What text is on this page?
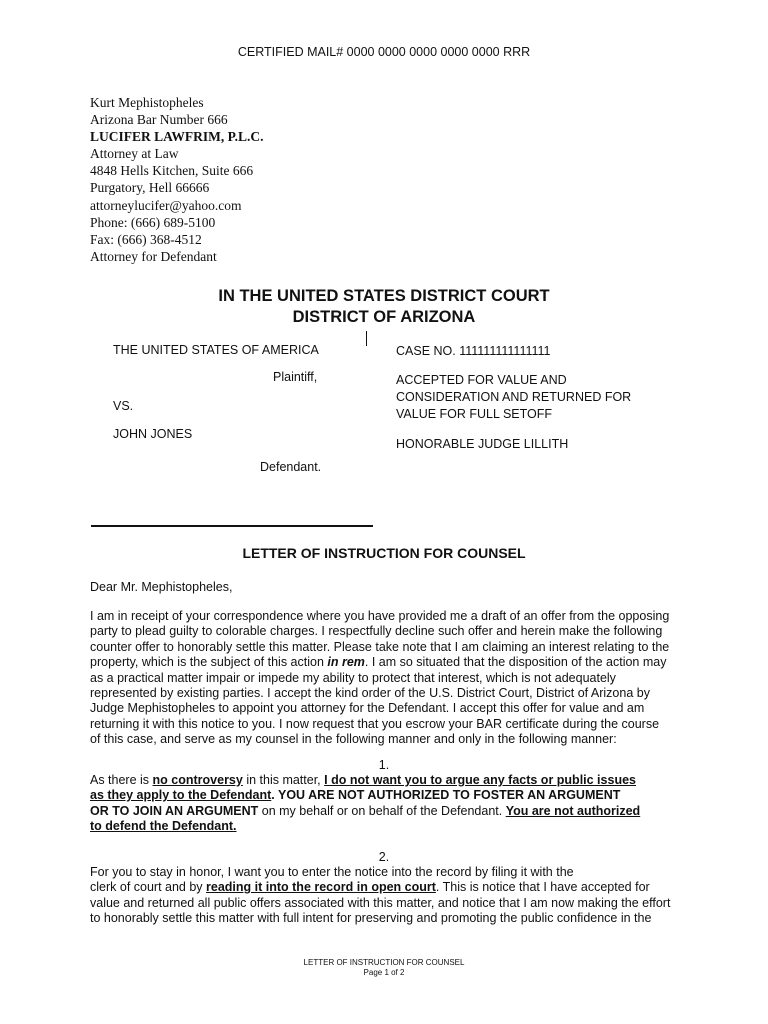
CERTIFIED MAIL# 0000 0000 0000 0000 0000 RRR
Kurt Mephistopheles
Arizona Bar Number 666
LUCIFER LAWFRIM, P.L.C.
Attorney at Law
4848 Hells Kitchen, Suite 666
Purgatory, Hell 66666
attorneylucifer@yahoo.com
Phone: (666) 689-5100
Fax: (666) 368-4512
Attorney for Defendant
IN THE UNITED STATES DISTRICT COURT
DISTRICT OF ARIZONA
THE UNITED STATES OF AMERICA
Plaintiff,
VS.
JOHN JONES
Defendant.
CASE NO. 111111111111111
ACCEPTED FOR VALUE AND
CONSIDERATION AND RETURNED FOR
VALUE FOR FULL SETOFF
HONORABLE JUDGE LILLITH
LETTER OF INSTRUCTION FOR COUNSEL
Dear Mr. Mephistopheles,
I am in receipt of your correspondence where you have provided me a draft of an offer from the opposing
party to plead guilty to colorable charges. I respectfully decline such offer and herein make the following
counter offer to honorably settle this matter. Please take note that I am claiming an interest relating to the
property, which is the subject of this action in rem. I am so situated that the disposition of the action may
as a practical matter impair or impede my ability to protect that interest, which is not adequately
represented by existing parties. I accept the kind order of the U.S. District Court, District of Arizona by
Judge Mephistopheles to appoint you attorney for the Defendant. I accept this offer for value and am
returning it with this notice to you. I now request that you escrow your BAR certificate during the course
of this case, and serve as my counsel in the following manner and only in the following manner:
1.
As there is no controversy in this matter, I do not want you to argue any facts or public issues
as they apply to the Defendant. YOU ARE NOT AUTHORIZED TO FOSTER AN ARGUMENT
OR TO JOIN AN ARGUMENT on my behalf or on behalf of the Defendant. You are not authorized
to defend the Defendant.
2.
For you to stay in honor, I want you to enter the notice into the record by filing it with the
clerk of court and by reading it into the record in open court. This is notice that I have accepted for
value and returned all public offers associated with this matter, and notice that I am now making the effort
to honorably settle this matter with full intent for preserving and promoting the public confidence in the
LETTER OF INSTRUCTION FOR COUNSEL
Page 1 of 2
